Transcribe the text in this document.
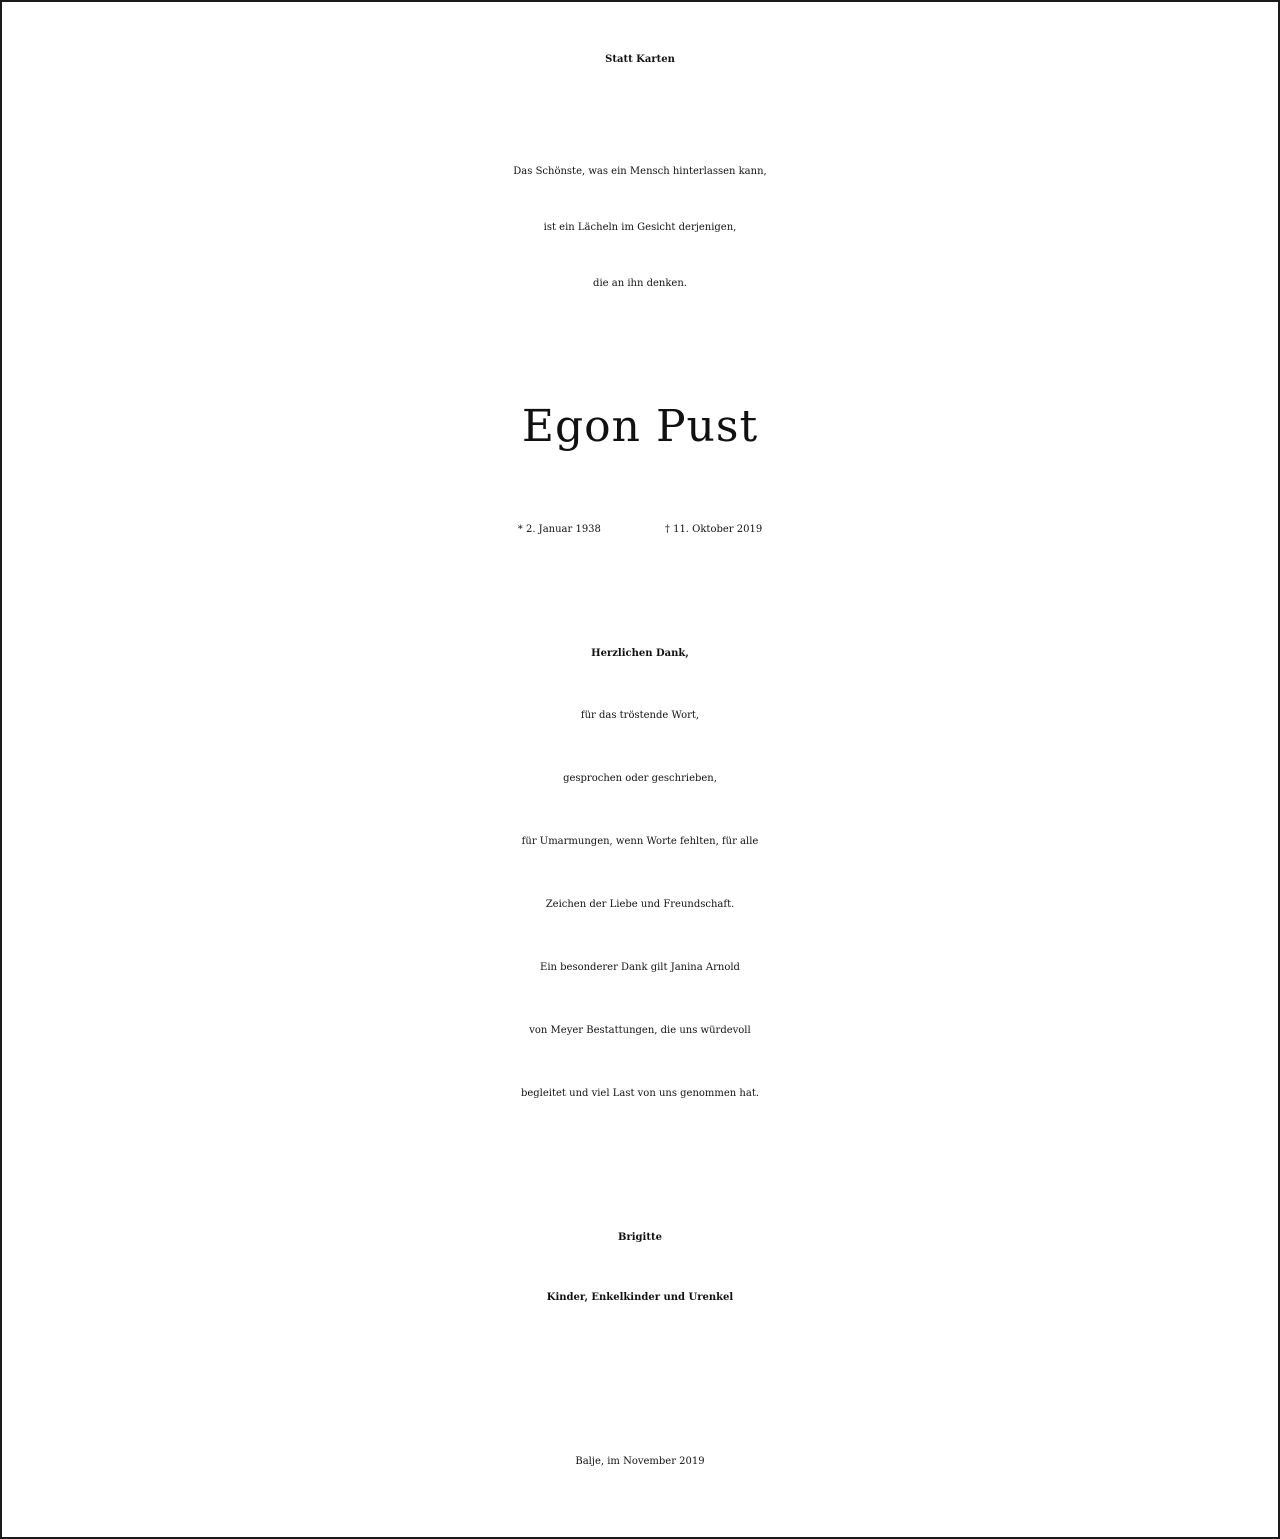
Statt Karten

Das Schönste, was ein Mensch hinterlassen kann,

ist ein Lächeln im Gesicht derjenigen,

die an ihn denken.

Egon Pust

* 2. Januar 1938	† 11. Oktober 2019

Herzlichen Dank,

für das tröstende Wort,

gesprochen oder geschrieben,

für Umarmungen, wenn Worte fehlten, für alle

Zeichen der Liebe und Freundschaft.

Ein besonderer Dank gilt Janina Arnold

von Meyer Bestattungen, die uns würdevoll

begleitet und viel Last von uns genommen hat.

Brigitte

Kinder, Enkelkinder und Urenkel

Balje, im November 2019
